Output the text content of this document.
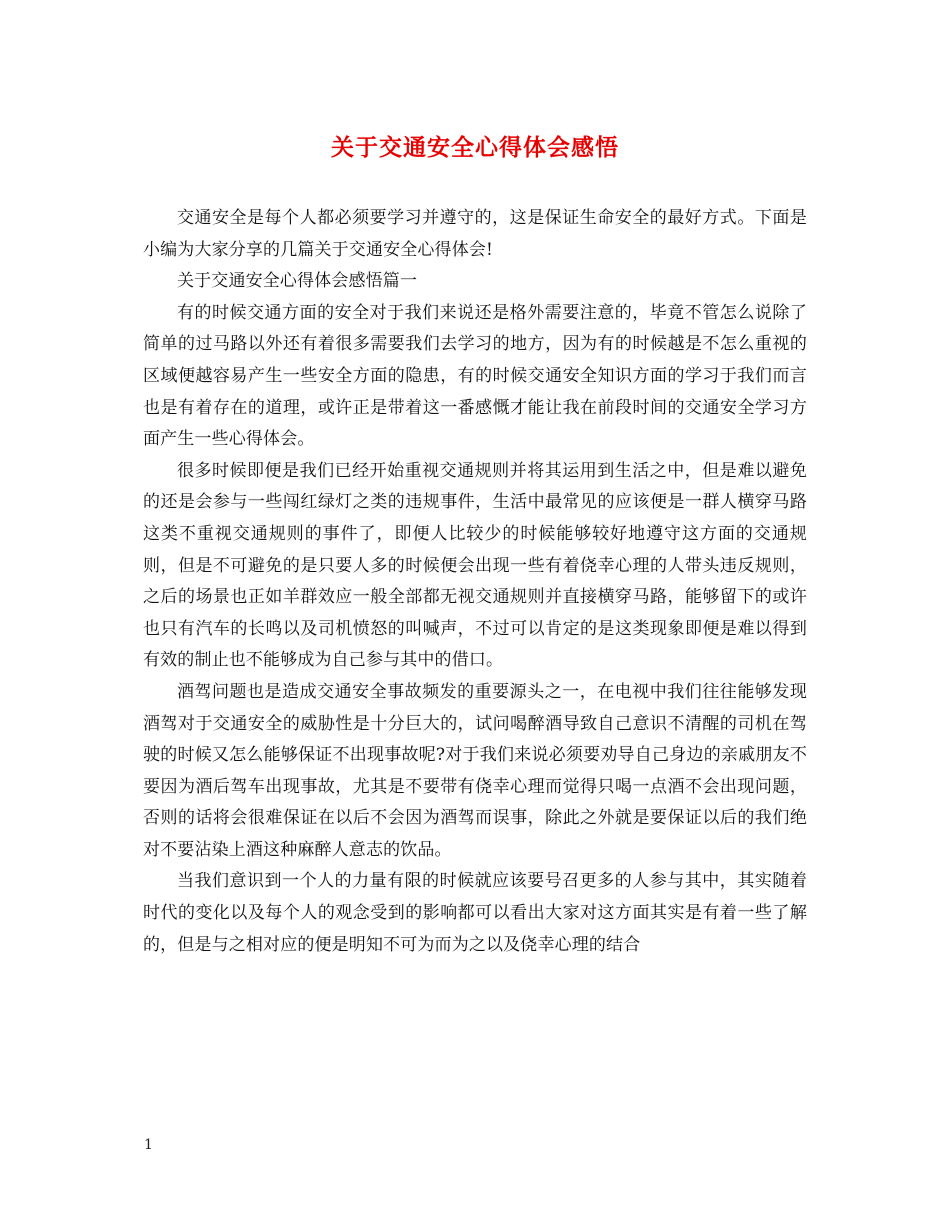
关于交通安全心得体会感悟

交通安全是每个人都必须要学习并遵守的，这是保证生命安全的最好方式。下面是小编为大家分享的几篇关于交通安全心得体会!

关于交通安全心得体会感悟篇一

有的时候交通方面的安全对于我们来说还是格外需要注意的，毕竟不管怎么说除了简单的过马路以外还有着很多需要我们去学习的地方，因为有的时候越是不怎么重视的区域便越容易产生一些安全方面的隐患，有的时候交通安全知识方面的学习于我们而言也是有着存在的道理，或许正是带着这一番感慨才能让我在前段时间的交通安全学习方面产生一些心得体会。

很多时候即便是我们已经开始重视交通规则并将其运用到生活之中，但是难以避免的还是会参与一些闯红绿灯之类的违规事件，生活中最常见的应该便是一群人横穿马路这类不重视交通规则的事件了，即便人比较少的时候能够较好地遵守这方面的交通规则，但是不可避免的是只要人多的时候便会出现一些有着侥幸心理的人带头违反规则，之后的场景也正如羊群效应一般全部都无视交通规则并直接横穿马路，能够留下的或许也只有汽车的长鸣以及司机愤怒的叫喊声，不过可以肯定的是这类现象即便是难以得到有效的制止也不能够成为自己参与其中的借口。

酒驾问题也是造成交通安全事故频发的重要源头之一，在电视中我们往往能够发现酒驾对于交通安全的威胁性是十分巨大的，试问喝醉酒导致自己意识不清醒的司机在驾驶的时候又怎么能够保证不出现事故呢?对于我们来说必须要劝导自己身边的亲戚朋友不要因为酒后驾车出现事故，尤其是不要带有侥幸心理而觉得只喝一点酒不会出现问题，否则的话将会很难保证在以后不会因为酒驾而误事，除此之外就是要保证以后的我们绝对不要沾染上酒这种麻醉人意志的饮品。

当我们意识到一个人的力量有限的时候就应该要号召更多的人参与其中，其实随着时代的变化以及每个人的观念受到的影响都可以看出大家对这方面其实是有着一些了解的，但是与之相对应的便是明知不可为而为之以及侥幸心理的结合

1
